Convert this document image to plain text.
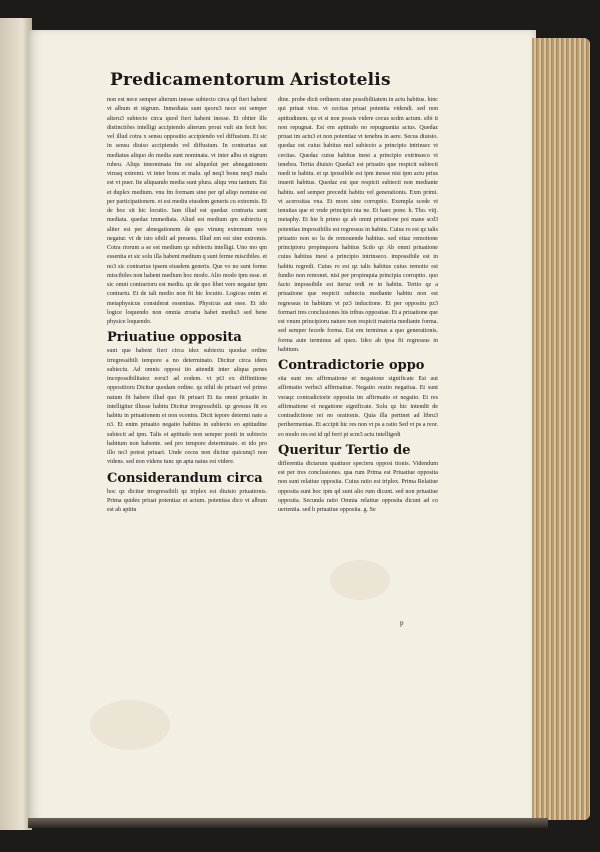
Predicamentorum Aristotelis

non est nece semper alterum inesse subiecto circa qd fieri habent vt album et nigrum. Inmediata sunt quoru3 nece est semper alteru3 subiecto circa quod fieri habent inesse. Et obiter ille distinctiões intelligi accipiendo alterum prout vult sin fecit hoc vel illud cotra x sensu oppositio accipiendo vel diffusium. Et sic in sensu diuiso accipiendo vel diffusium. In contrarius sut mediatus aliquo do media sunt nominata. vt inter albu et nigrum rubeu. Aliqu innominata fm est aliquolut per abnegationem vtrusq extremi. vt inter bonu et malu. qd neq3 bonu neq3 malu est vt puer. Ite aliquando media sunt plura. aliqu vnu tantum. Est et duplex medium. vnu fm formam sine per qd aliqo nomine est per participationem. et est mediu eiusdem generis cu extremis. Et de hoc sit hic locutio. Iam illud est quedaz contraria sunt mediata. quedaz immediata. Aliud est medium qm subiectu q aliter est per abnegationem de quo vtrunq extremum vere negatur. vt de isto sibili ad presens. Illud em est sine extremis. Cotra riorum a se est medium qz subiectu intelligi. Uno mo qm essentia et sic solu illa habent medium q sunt ferme miscibiles. et no3 sic contrarius ipsem eiusdem generis. Que vo no sunt forme miscibiles non habent medium hoc modo. Alio modo ipm esse. et sic omni contrarioru est mediu. qz de quo libet vere negatur ipm contrariu. Et de tali medio non fit hic locutio. Logicus enim et metaphysicus considerat essentias. Physicus aut esse. Et ido logice loquendo non omnia zrraria habet mediu3 sed bene physice loquendo.

Priuatiue opposita

sunt que habent fieri circa idez subiectu quodaz ordine irregressibili tempore a no determinato. Dicitur circa idem subiectu. Ad omnis opposi tio attendit inter aliqua penes incopossibilitatez eoru3 ad eodem. vt pt3 ex diffinitione oppositioru Dicitur quodam ordine. qz nihil de priuari vel primo natum fit habere illud quo fit priuari Et ita omni priuatio in intelligitur illusse habitu Dicitur irregressibili. qz gressus fit ex habitu in priuationem et non econtra. Dicit tepore determi nato a n3. Et enim priuatio negatio habitus in subiecto eo aptitudine subiecti ad ipm. Talis et aptitudo non semper ponit in subiecto habitum non habente. sed pro tempore determinato. et ido pro illo no3 potest priuari. Unde cecus non dicitur quicunq3 non videns. sed non videns tunc qn apta natus est videre.

Considerandum circa

hoc qz dicitur irregressibili qz triplex est diuisio priuationis. Prima quidez priuat potentiaz et actum. potentias dico vt album est ab aptitu

dine. probe dicit ordinem sine possibilitatem in actu habitus. hinc qui priuat visu. vt cecitas priuat potentia videndi. sed non aptitudinem. qz et si non possis videre cecus scdm actum. sibi ti non repugnat. Est em aptitudo no repugnantia actus. Quedaz priuat tm actu3 et non potentiaz vt tenebra in aere. Secus diuisio. quedaz est cuius habitus mel subiecto a principio intrinsec vt cecitas. Quedaz cuius habitus inest a principio extrinseco vt tenebra. Tertia diuisio Queda3 est priuatio que respicit subiecti medi te habitu. et qz ipossibile est ipm inesse nisi ipm actu prius inuerit habitus. Quedaz est que respicit subiecti non mediante habitu. sed semper precedit habitu vel generationis. Exm primi. vt acerositas vna. Et mors sine corruptio. Exempla scede vt tenuitas que et vnde principio nta ne. Et haec pone. h. Tho. viij. metaphy. Et hie h primo qz ab omni priuatione poi mane scd3 potentias impossibilis est regressus in habitu. Cuius ro est qz talis priuatio non so lu de remouende habitus. sed etiaz remotione principioru propinquoru habitus Scdo qz Ab omni priuatione cuius habitus inest a principio intrinseco. impossibile est in habitu regredi. Cuius ro est qz talis habitus cuius remotio est fundio non remonet. nisi per propinquia principia corruptio. quo facto impossibile est iteruz redi re in habitu. Tertio qz a priuatione que respicit subiectu mediante habitu non est regressus in habitum vt pz3 inductione. Et per oppositu pz3 formari tres conclusiones his tribus oppositae. Et a priuatione que est vnum principioru nature non respicit materia mediante forma. sed semper fecede forma. Est em terminus a quo generationis. forma aute terminus ad quez. Ideo ab ipsa fit regressus in habitum.

Contradictorie oppo

sita sunt res affirmatione et negatione significate Est aut affirmatio verbu3 affirmatiue. Negatio oratio negatiua. Et sunt vsraqz contradictorie opposita tm affirmatio et negatio. Et res affirmatione et negatione significate. Solu qz hic intendit de contradictione rei no orationis. Quia illa pertinet ad libru3 perihermenias. Et accipit hic res non vt ps a ratio Sed vt ps a reor. eo modo res est id qd ferri pt scm3 actu intelligedi

Queritur Tertio de

differentia dictarum quattuor specieru opposi tionis. Videndum est per tres conclusiones. qua rum Prima est Priuatiue opposita non sunt relatiue opposita. Cuius ratio est triplex. Prima Relatiue opposita sunt hoc ipm qd sunt alio rum dicunt. sed non priuatiue opposita. Secunda ratio Omnia relatiue opposita dicunt ad co uertentia. sed h priuatiue opposita. g. Se

p
